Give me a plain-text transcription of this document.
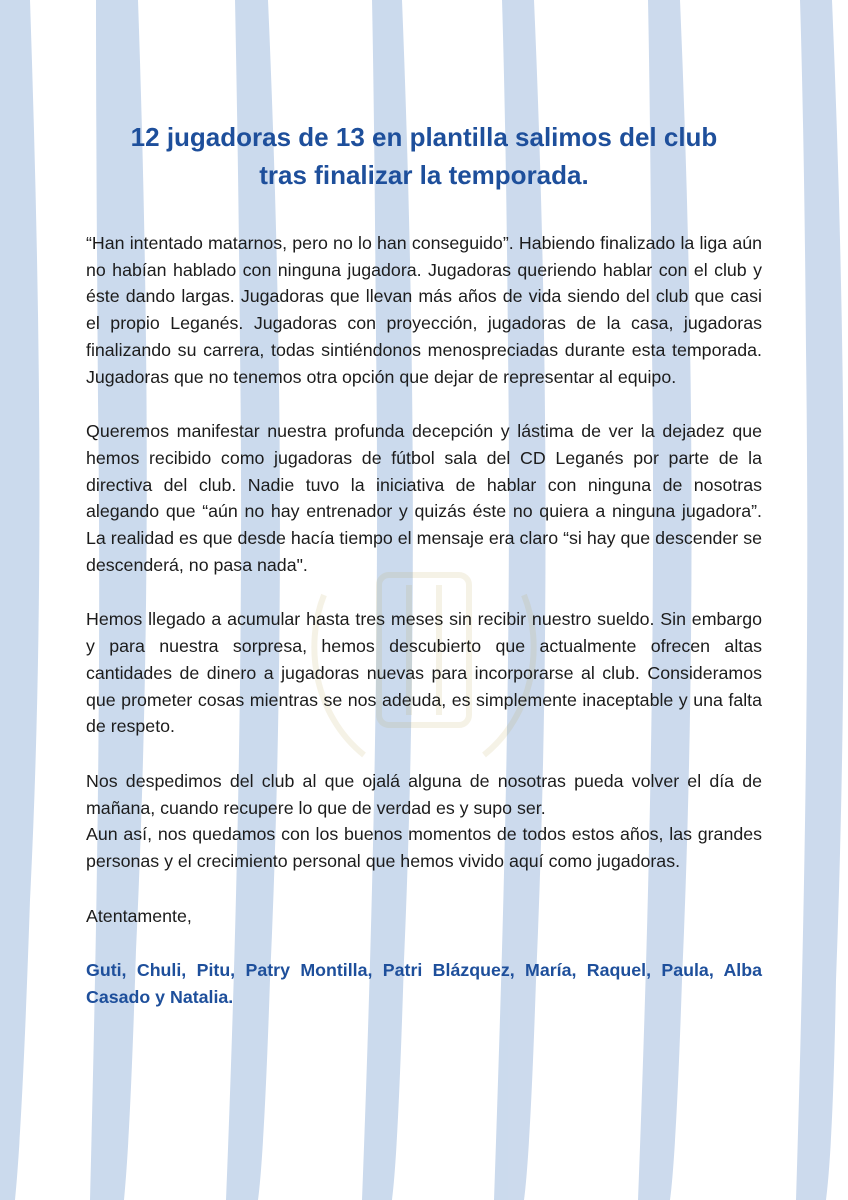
12 jugadoras de 13 en plantilla salimos del club
tras finalizar la temporada.

“Han intentado matarnos, pero no lo han conseguido”. Habiendo finalizado la liga aún no habían hablado con ninguna jugadora. Jugadoras queriendo hablar con el club y éste dando largas. Jugadoras que llevan más años de vida siendo del club que casi el propio Leganés. Jugadoras con proyección, jugadoras de la casa, jugadoras finalizando su carrera, todas sintiéndonos menospreciadas durante esta temporada. Jugadoras que no tenemos otra opción que dejar de representar al equipo.

Queremos manifestar nuestra profunda decepción y lástima de ver la dejadez que hemos recibido como jugadoras de fútbol sala del CD Leganés por parte de la directiva del club. Nadie tuvo la iniciativa de hablar con ninguna de nosotras alegando que “aún no hay entrenador y quizás éste no quiera a ninguna jugadora”. La realidad es que desde hacía tiempo el mensaje era claro “si hay que descender se descenderá, no pasa nada".

Hemos llegado a acumular hasta tres meses sin recibir nuestro sueldo. Sin embargo y para nuestra sorpresa, hemos descubierto que actualmente ofrecen altas cantidades de dinero a jugadoras nuevas para incorporarse al club. Consideramos que prometer cosas mientras se nos adeuda, es simplemente inaceptable y una falta de respeto.

Nos despedimos del club al que ojalá alguna de nosotras pueda volver el día de mañana, cuando recupere lo que de verdad es y supo ser.

Aun así, nos quedamos con los buenos momentos de todos estos años, las grandes personas y el crecimiento personal que hemos vivido aquí como jugadoras.

Atentamente,

Guti, Chuli, Pitu, Patry Montilla, Patri Blázquez, María, Raquel, Paula, Alba Casado y Natalia.
